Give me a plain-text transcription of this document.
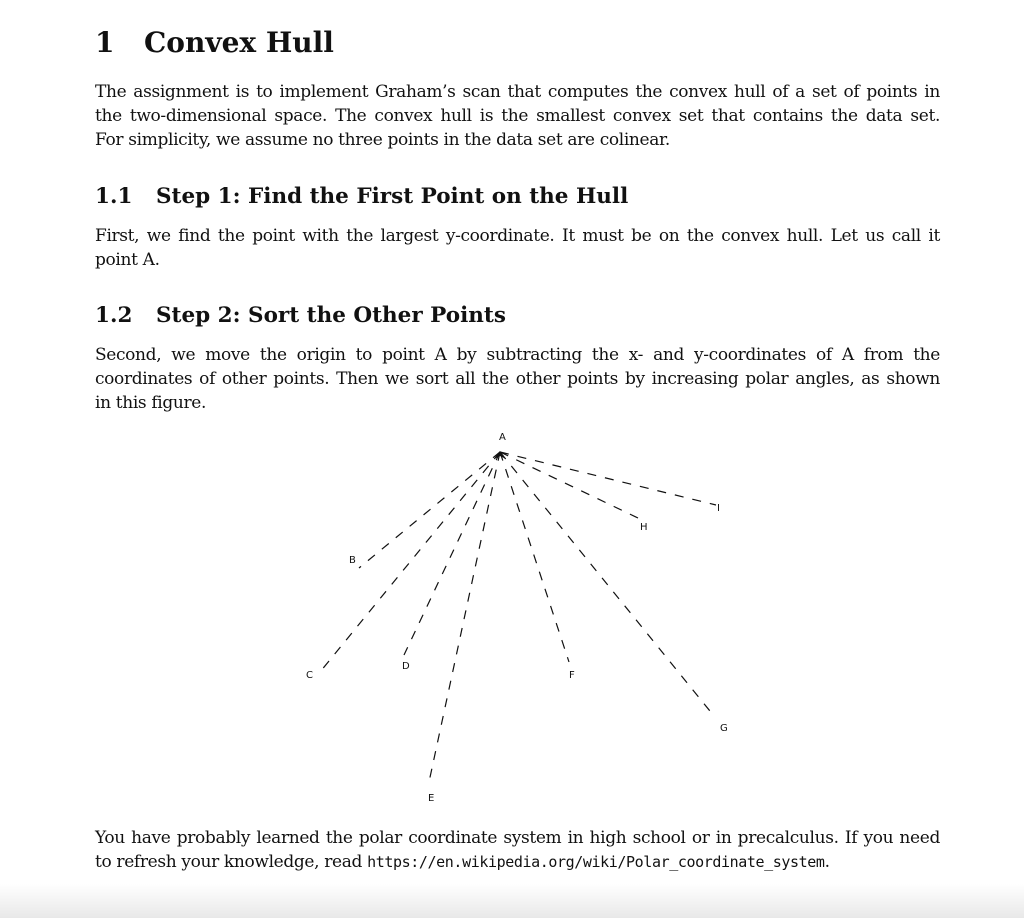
1 Convex Hull
The assignment is to implement Graham’s scan that computes the convex hull of a set of points in
the two-dimensional space. The convex hull is the smallest convex set that contains the data set.
For simplicity, we assume no three points in the data set are colinear.
1.1 Step 1: Find the First Point on the Hull
First, we find the point with the largest y-coordinate. It must be on the convex hull. Let us call it
point A.
1.2 Step 2: Sort the Other Points
Second, we move the origin to point A by subtracting the x- and y-coordinates of A from the
coordinates of other points. Then we sort all the other points by increasing polar angles, as shown
in this figure.
A
B
C
D
E
F
G
H
I
You have probably learned the polar coordinate system in high school or in precalculus. If you need
to refresh your knowledge, read https://en.wikipedia.org/wiki/Polar_coordinate_system.
